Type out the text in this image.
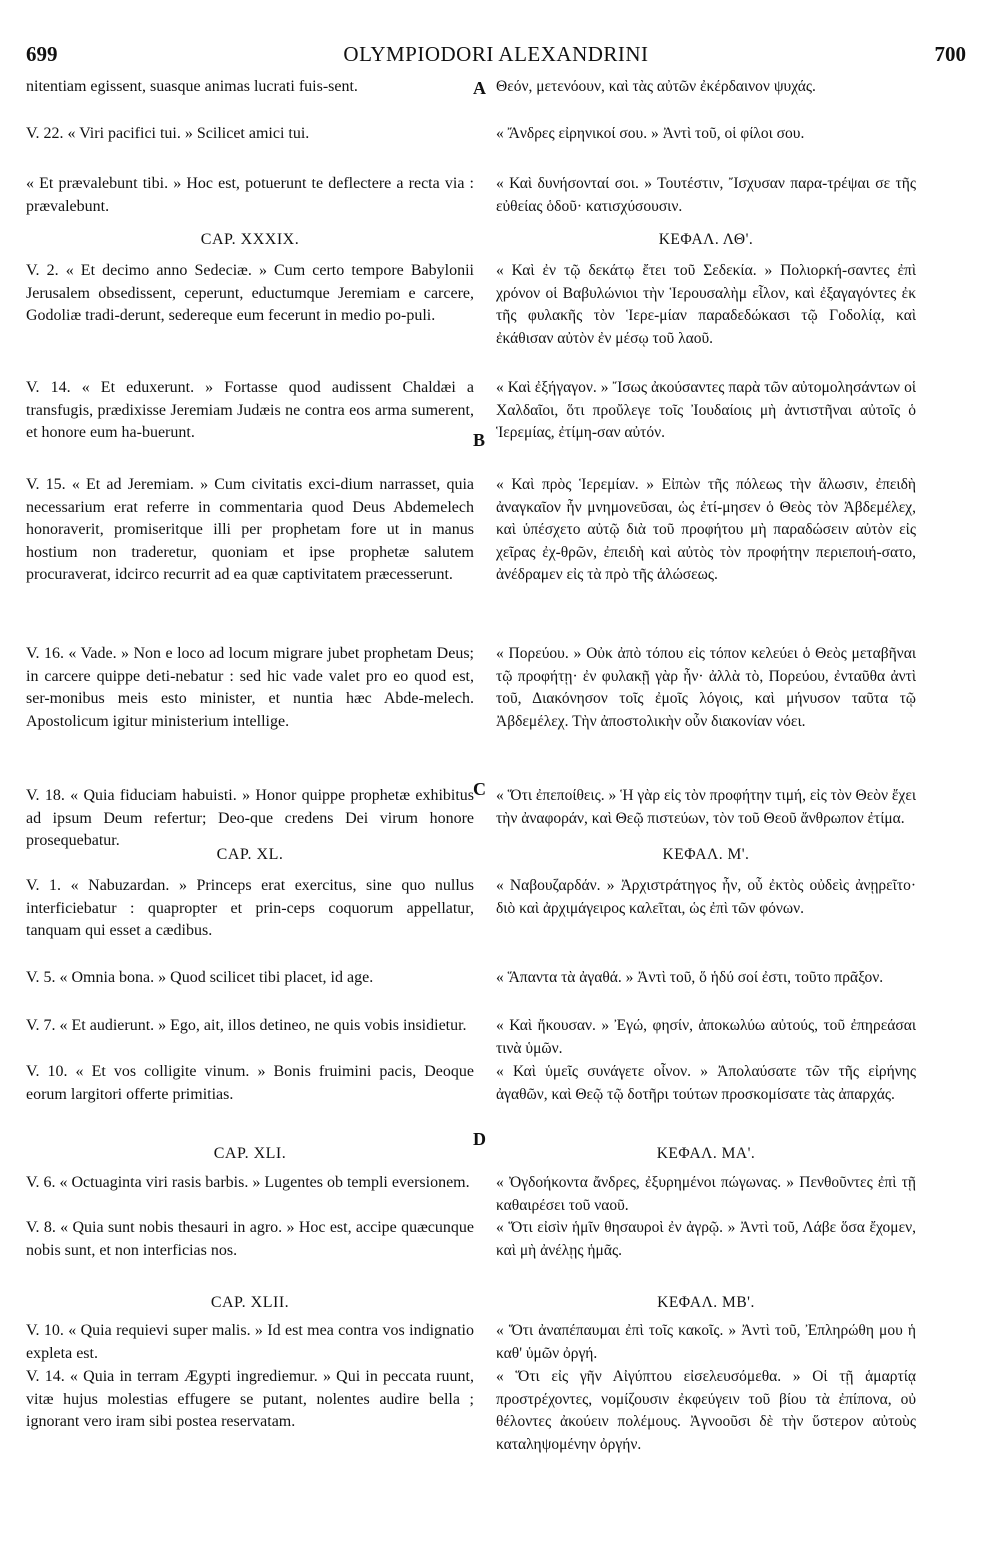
699	OLYMPIODORI ALEXANDRINI	700
nitentiam egissent, suasque animas lucrati fuis-sent.
V. 22. « Viri pacifici tui. » Scilicet amici tui.
« Et prævalebunt tibi. » Hoc est, potuerunt te deflectere a recta via : prævalebunt.
CAP. XXXIX.
V. 2. « Et decimo anno Sedeciæ. » Cum certo tempore Babylonii Jerusalem obsedissent, ceperunt, eductumque Jeremiam e carcere, Godoliæ tradi-derunt, sedereque eum fecerunt in medio po-puli.
V. 14. « Et eduxerunt. » Fortasse quod audissent Chaldæi a transfugis, prædixisse Jeremiam Judæis ne contra eos arma sumerent, et honore eum ha-buerunt.
V. 15. « Et ad Jeremiam. » Cum civitatis exci-dium narrasset, quia necessarium erat referre in commentaria quod Deus Abdemelech honoraverit, promiseritque illi per prophetam fore ut in manus hostium non traderetur, quoniam et ipse prophetæ salutem procuraverat, idcirco recurrit ad ea quæ captivitatem præcesserunt.
V. 16. « Vade. » Non e loco ad locum migrare jubet prophetam Deus; in carcere quippe deti-nebatur : sed hic vade valet pro eo quod est, ser-monibus meis esto minister, et nuntia hæc Abde-melech. Apostolicum igitur ministerium intellige.
V. 18. « Quia fiduciam habuisti. » Honor quippe prophetæ exhibitus ad ipsum Deum refertur; Deo-que credens Dei virum honore prosequebatur.
CAP. XL.
V. 1. « Nabuzardan. » Princeps erat exercitus, sine quo nullus interficiebatur : quapropter et prin-ceps coquorum appellatur, tanquam qui esset a cædibus.
V. 5. « Omnia bona. » Quod scilicet tibi placet, id age.
V. 7. « Et audierunt. » Ego, ait, illos detineo, ne quis vobis insidietur.
V. 10. « Et vos colligite vinum. » Bonis fruimini pacis, Deoque eorum largitori offerte primitias.
CAP. XLI.
V. 6. « Octuaginta viri rasis barbis. » Lugentes ob templi eversionem.
V. 8. « Quia sunt nobis thesauri in agro. » Hoc est, accipe quæcunque nobis sunt, et non interficias nos.
CAP. XLII.
V. 10. « Quia requievi super malis. » Id est mea contra vos indignatio expleta est.
V. 14. « Quia in terram Ægypti ingrediemur. » Qui in peccata ruunt, vitæ hujus molestias effugere se putant, nolentes audire bella ; ignorant vero iram sibi postea reservatam.
A
B
C
D
Θεόν, μετενόουν, καὶ τὰς αὐτῶν ἐκέρδαινον ψυχάς.
« Ἄνδρες εἰρηνικοί σου. » Ἀντὶ τοῦ, οἱ φίλοι σου.
« Καὶ δυνήσονταί σοι. » Τουτέστιν, Ἴσχυσαν παρα-τρέψαι σε τῆς εὐθείας ὁδοῦ· κατισχύσουσιν.
ΚΕΦΑΛ. ΛΘ'.
« Καὶ ἐν τῷ δεκάτῳ ἔτει τοῦ Σεδεκία. » Πολιορκή-σαντες ἐπὶ χρόνον οἱ Βαβυλώνιοι τὴν Ἱερουσαλὴμ εἷλον, καὶ ἐξαγαγόντες ἐκ τῆς φυλακῆς τὸν Ἱερε-μίαν παραδεδώκασι τῷ Γοδολίᾳ, καὶ ἐκάθισαν αὐτὸν ἐν μέσῳ τοῦ λαοῦ.
« Καὶ ἐξήγαγον. » Ἴσως ἀκούσαντες παρὰ τῶν αὐτομολησάντων οἱ Χαλδαῖοι, ὅτι προὔλεγε τοῖς Ἰουδαίοις μὴ ἀντιστῆναι αὐτοῖς ὁ Ἱερεμίας, ἐτίμη-σαν αὐτόν.
« Καὶ πρὸς Ἱερεμίαν. » Εἰπὼν τῆς πόλεως τὴν ἅλωσιν, ἐπειδὴ ἀναγκαῖον ἦν μνημονεῦσαι, ὡς ἐτί-μησεν ὁ Θεὸς τὸν Ἀβδεμέλεχ, καὶ ὑπέσχετο αὐτῷ διὰ τοῦ προφήτου μὴ παραδώσειν αὐτὸν εἰς χεῖρας ἐχ-θρῶν, ἐπειδὴ καὶ αὐτὸς τὸν προφήτην περιεποιή-σατο, ἀνέδραμεν εἰς τὰ πρὸ τῆς ἁλώσεως.
« Πορεύου. » Οὐκ ἀπὸ τόπου εἰς τόπον κελεύει ὁ Θεὸς μεταβῆναι τῷ προφήτῃ· ἐν φυλακῇ γὰρ ἦν· ἀλλὰ τὸ, Πορεύου, ἐνταῦθα ἀντὶ τοῦ, Διακόνησον τοῖς ἐμοῖς λόγοις, καὶ μήνυσον ταῦτα τῷ Ἀβδεμέλεχ. Τὴν ἀποστολικὴν οὖν διακονίαν νόει.
« Ὅτι ἐπεποίθεις. » Ἡ γὰρ εἰς τὸν προφήτην τιμή, εἰς τὸν Θεὸν ἔχει τὴν ἀναφοράν, καὶ Θεῷ πιστεύων, τὸν τοῦ Θεοῦ ἄνθρωπον ἐτίμα.
ΚΕΦΑΛ. Μ'.
« Ναβουζαρδάν. » Ἀρχιστράτηγος ἦν, οὗ ἐκτὸς οὐδεὶς ἀνῃρεῖτο· διὸ καὶ ἀρχιμάγειρος καλεῖται, ὡς ἐπὶ τῶν φόνων.
« Ἅπαντα τὰ ἀγαθά. » Ἀντὶ τοῦ, ὅ ἡδύ σοί ἐστι, τοῦτο πρᾶξον.
« Καὶ ἤκουσαν. » Ἐγώ, φησίν, ἀποκωλύω αὐτούς, τοῦ ἐπηρεάσαι τινὰ ὑμῶν.
« Καὶ ὑμεῖς συνάγετε οἶνον. » Ἀπολαύσατε τῶν τῆς εἰρήνης ἀγαθῶν, καὶ Θεῷ τῷ δοτῆρι τούτων προσκομίσατε τὰς ἀπαρχάς.
ΚΕΦΑΛ. ΜΑ'.
« Ὀγδοήκοντα ἄνδρες, ἐξυρημένοι πώγωνας. » Πενθοῦντες ἐπὶ τῇ καθαιρέσει τοῦ ναοῦ.
« Ὅτι εἰσὶν ἡμῖν θησαυροὶ ἐν ἀγρῷ. » Ἀντὶ τοῦ, Λάβε ὅσα ἔχομεν, καὶ μὴ ἀνέλῃς ἡμᾶς.
ΚΕΦΑΛ. ΜΒ'.
« Ὅτι ἀναπέπαυμαι ἐπὶ τοῖς κακοῖς. » Ἀντὶ τοῦ, Ἐπληρώθη μου ἡ καθ' ὑμῶν ὀργή.
« Ὅτι εἰς γῆν Αἰγύπτου εἰσελευσόμεθα. » Οἱ τῇ ἁμαρτίᾳ προστρέχοντες, νομίζουσιν ἐκφεύγειν τοῦ βίου τὰ ἐπίπονα, οὐ θέλοντες ἀκούειν πολέμους. Ἀγνοοῦσι δὲ τὴν ὕστερον αὐτοὺς καταληψομένην ὀργήν.
